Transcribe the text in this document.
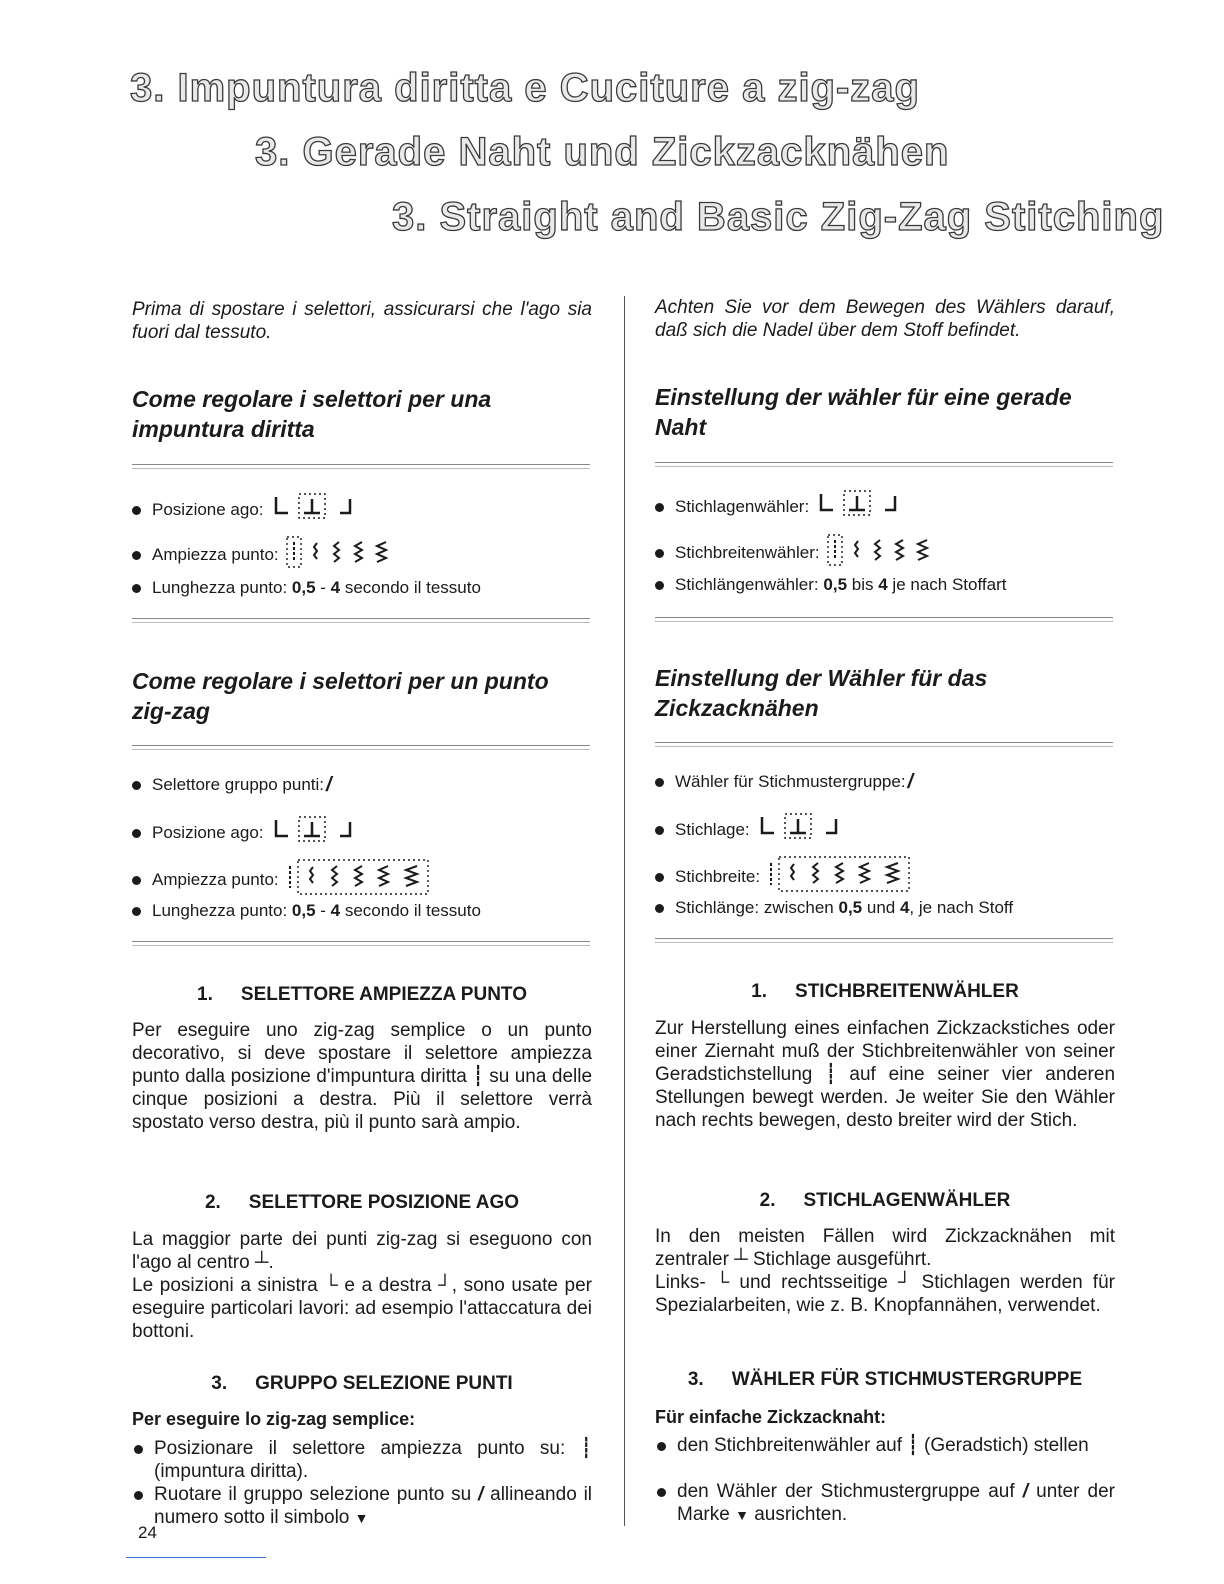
3. Impuntura diritta e Cuciture a zig-zag
3. Gerade Naht und Zickzacknähen
3. Straight and Basic Zig-Zag Stitching

Prima di spostare i selettori, assicurarsi che l'ago sia fuori dal tessuto.

Come regolare i selettori per una impuntura diritta
Posizione ago:
Ampiezza punto:
Lunghezza punto:
0,5 - 4 secondo il tessuto
Come regolare i selettori per un punto zig-zag
Selettore gruppo punti: /
Posizione ago:
Ampiezza punto:
Lunghezza punto:
0,5 - 4 secondo il tessuto
1. SELETTORE AMPIEZZA PUNTO

Per eseguire uno zig-zag semplice o un punto decorativo, si deve spostare il selettore ampiezza punto dalla posizione d'impuntura diritta ┊ su una delle cinque posizioni a destra. Più il selettore verrà spostato verso destra, più il punto sarà ampio.

2. SELETTORE POSIZIONE AGO

La maggior parte dei punti zig-zag si eseguono con l'ago al centro ┴.
Le posizioni a sinistra └ e a destra ┘, sono usate per eseguire particolari lavori: ad esempio l'attaccatura dei bottoni.

3. GRUPPO SELEZIONE PUNTI
Per eseguire lo zig-zag semplice:
Posizionare il selettore ampiezza punto su: ┊ (impuntura diritta).
Ruotare il gruppo selezione punto su / allineando il numero sotto il simbolo ▼

Achten Sie vor dem Bewegen des Wählers darauf, daß sich die Nadel über dem Stoff befindet.

Einstellung der wähler für eine gerade Naht
Stichlagenwähler:
Stichbreitenwähler:
Stichlängenwähler:
0,5 bis 4 je nach Stoffart
Einstellung der Wähler für das Zickzacknähen
Wähler für Stichmustergruppe: /
Stichlage:
Stichbreite:
Stichlänge: zwischen
0,5 und 4 , je nach Stoff
1. STICHBREITENWÄHLER

Zur Herstellung eines einfachen Zickzackstiches oder einer Ziernaht muß der Stichbreitenwähler von seiner Geradstichstellung ┊ auf eine seiner vier anderen Stellungen bewegt werden. Je weiter Sie den Wähler nach rechts bewegen, desto breiter wird der Stich.

2. STICHLAGENWÄHLER

In den meisten Fällen wird Zickzacknähen mit zentraler ┴ Stichlage ausgeführt.
Links- └ und rechtsseitige ┘ Stichlagen werden für Spezialarbeiten, wie z. B. Knopfannähen, verwendet.

3. WÄHLER FÜR STICHMUSTERGRUPPE
Für einfache Zickzacknaht:
den Stichbreitenwähler auf ┊ (Geradstich) stellen
den Wähler der Stichmustergruppe auf / unter der Marke ▼ ausrichten.
24
